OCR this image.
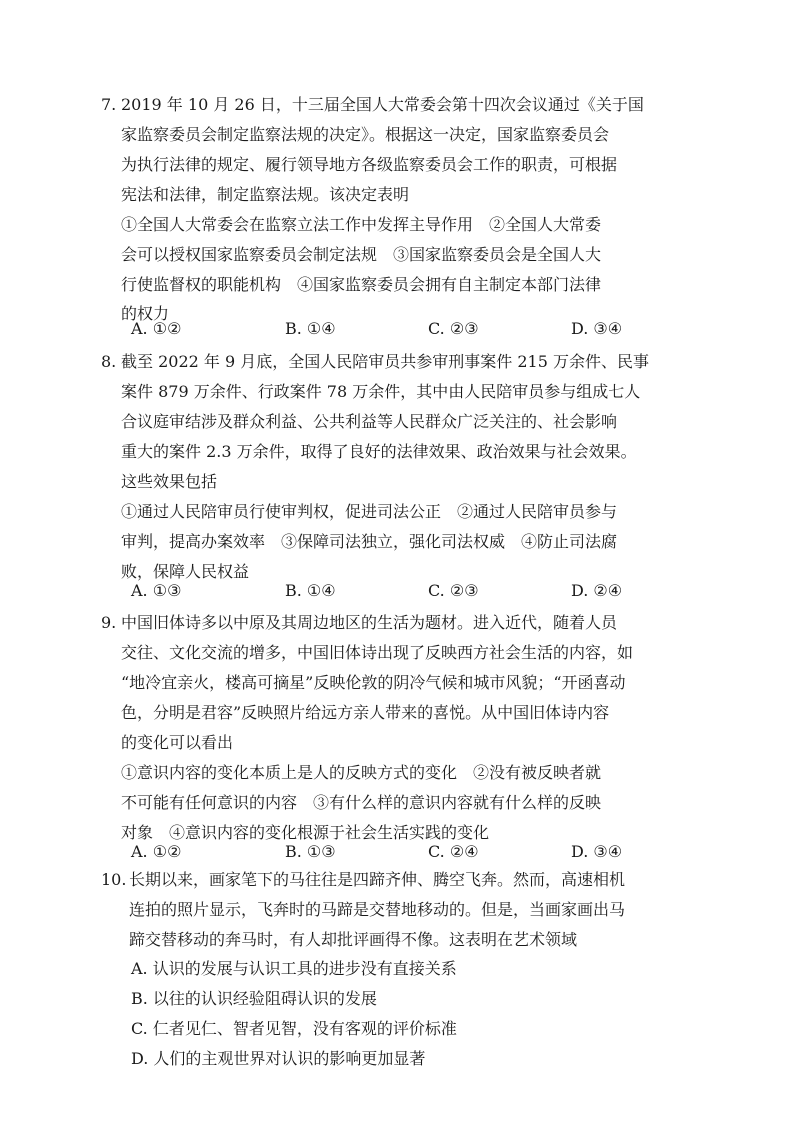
7. 2019 年 10 月 26 日，十三届全国人大常委会第十四次会议通过《关于国
家监察委员会制定监察法规的决定》。根据这一决定，国家监察委员会
为执行法律的规定、履行领导地方各级监察委员会工作的职责，可根据
宪法和法律，制定监察法规。该决定表明
①全国人大常委会在监察立法工作中发挥主导作用　②全国人大常委
会可以授权国家监察委员会制定法规　③国家监察委员会是全国人大
行使监督权的职能机构　④国家监察委员会拥有自主制定本部门法律
的权力
A. ①②	B. ①④	C. ②③	D. ③④
8. 截至 2022 年 9 月底，全国人民陪审员共参审刑事案件 215 万余件、民事
案件 879 万余件、行政案件 78 万余件，其中由人民陪审员参与组成七人
合议庭审结涉及群众利益、公共利益等人民群众广泛关注的、社会影响
重大的案件 2.3 万余件，取得了良好的法律效果、政治效果与社会效果。
这些效果包括
①通过人民陪审员行使审判权，促进司法公正　②通过人民陪审员参与
审判，提高办案效率　③保障司法独立，强化司法权威　④防止司法腐
败，保障人民权益
A. ①③	B. ①④	C. ②③	D. ②④
9. 中国旧体诗多以中原及其周边地区的生活为题材。进入近代，随着人员
交往、文化交流的增多，中国旧体诗出现了反映西方社会生活的内容，如
“地冷宜亲火，楼高可摘星”反映伦敦的阴冷气候和城市风貌；“开函喜动
色，分明是君容”反映照片给远方亲人带来的喜悦。从中国旧体诗内容
的变化可以看出
①意识内容的变化本质上是人的反映方式的变化　②没有被反映者就
不可能有任何意识的内容　③有什么样的意识内容就有什么样的反映
对象　④意识内容的变化根源于社会生活实践的变化
A. ①②	B. ①③	C. ②④	D. ③④
10. 长期以来，画家笔下的马往往是四蹄齐伸、腾空飞奔。然而，高速相机
连拍的照片显示，飞奔时的马蹄是交替地移动的。但是，当画家画出马
蹄交替移动的奔马时，有人却批评画得不像。这表明在艺术领域
A. 认识的发展与认识工具的进步没有直接关系
B. 以往的认识经验阻碍认识的发展
C. 仁者见仁、智者见智，没有客观的评价标准
D. 人们的主观世界对认识的影响更加显著
